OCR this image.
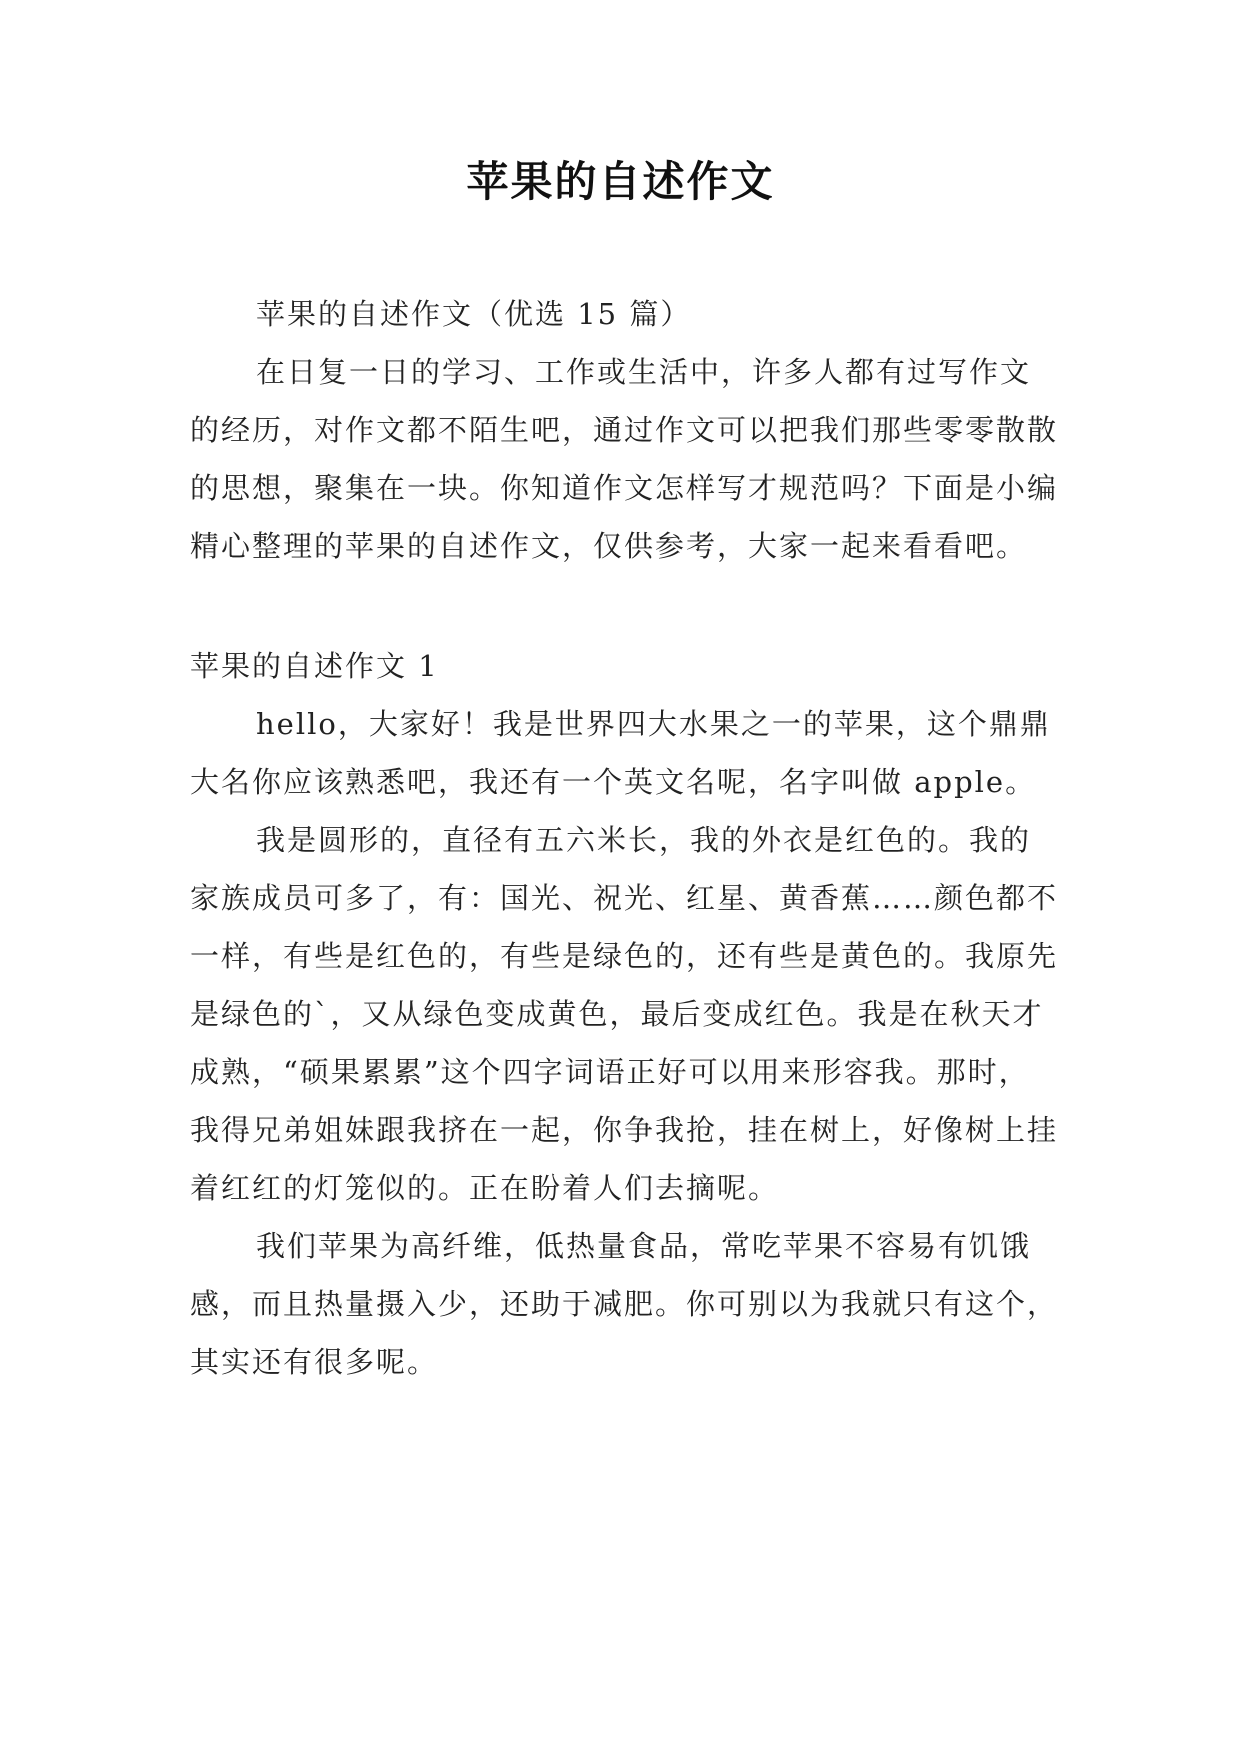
苹果的自述作文

苹果的自述作文（优选 15 篇）

在日复一日的学习、工作或生活中，许多人都有过写作文的经历，对作文都不陌生吧，通过作文可以把我们那些零零散散的思想，聚集在一块。你知道作文怎样写才规范吗？下面是小编精心整理的苹果的自述作文，仅供参考，大家一起来看看吧。

苹果的自述作文 1

hello，大家好！我是世界四大水果之一的苹果，这个鼎鼎大名你应该熟悉吧，我还有一个英文名呢，名字叫做 apple。

我是圆形的，直径有五六米长，我的外衣是红色的。我的家族成员可多了，有：国光、祝光、红星、黄香蕉……颜色都不一样，有些是红色的，有些是绿色的，还有些是黄色的。我原先是绿色的`，又从绿色变成黄色，最后变成红色。我是在秋天才成熟，“硕果累累”这个四字词语正好可以用来形容我。那时，我得兄弟姐妹跟我挤在一起，你争我抢，挂在树上，好像树上挂着红红的灯笼似的。正在盼着人们去摘呢。

我们苹果为高纤维，低热量食品，常吃苹果不容易有饥饿感，而且热量摄入少，还助于减肥。你可别以为我就只有这个，其实还有很多呢。
